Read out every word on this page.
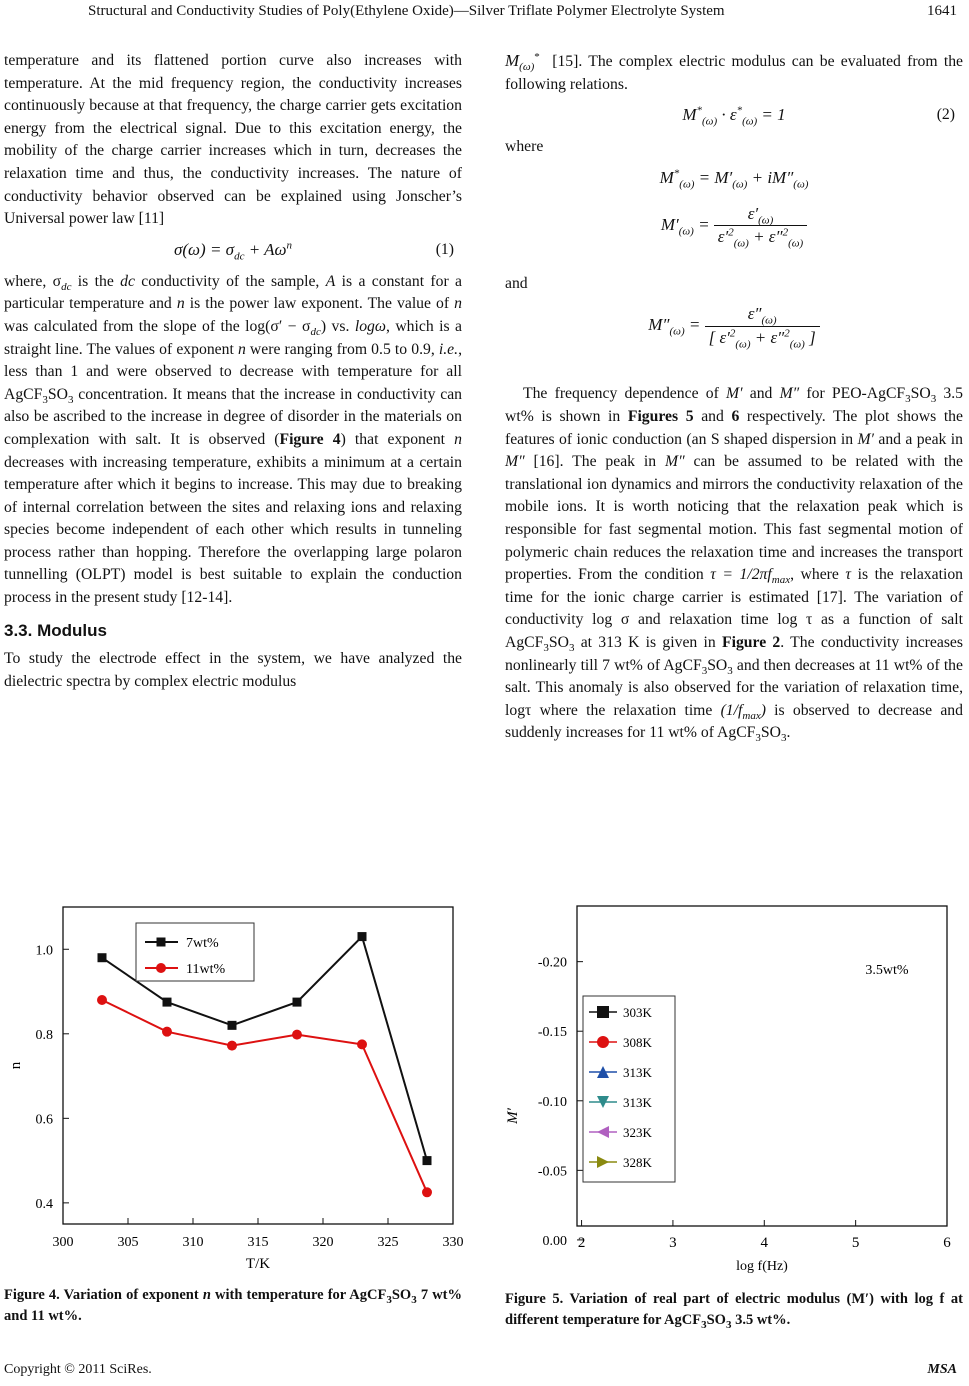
Structural and Conductivity Studies of Poly(Ethylene Oxide)—Silver Triflate Polymer Electrolyte System	1641

temperature and its flattened portion curve also increases with temperature. At the mid frequency region, the conductivity increases continuously because at that frequency, the charge carrier gets excitation energy from the electrical signal. Due to this excitation energy, the mobility of the charge carrier increases which in turn, decreases the relaxation time and thus, the conductivity increases. The nature of conductivity behavior observed can be explained using Jonscher’s Universal power law [11]

$\sigma(\omega) = \sigma_{dc} + A\omega^n$	(1)

where, $\sigma_{dc}$ is the dc conductivity of the sample, A is a constant for a particular temperature and n is the power law exponent. The value of n was calculated from the slope of the $\log(\sigma' - \sigma_{dc})$ vs. logω, which is a straight line. The values of exponent n were ranging from 0.5 to 0.9, i.e., less than 1 and were observed to decrease with temperature for all $AgCF_3SO_3$ concentration. It means that the increase in conductivity can also be ascribed to the increase in degree of disorder in the materials on complexation with salt. It is observed (Figure 4) that exponent n decreases with increasing temperature, exhibits a minimum at a certain temperature after which it begins to increase. This may due to breaking of internal correlation between the sites and relaxing ions and relaxing species become independent of each other which results in tunneling process rather than hopping. Therefore the overlapping large polaron tunnelling (OLPT) model is best suitable to explain the conduction process in the present study [12-14].

3.3. Modulus

To study the electrode effect in the system, we have analyzed the dielectric spectra by complex electric modulus

$M_{(\omega)}^*$ [15]. The complex electric modulus can be evaluated from the following relations.

$M^*_{(\omega)} \cdot \varepsilon^*_{(\omega)} = 1$	(2)

where

$M^*_{(\omega)} = M'_{(\omega)} + iM''_{(\omega)}$
$M'_{(\omega)} = \frac{\varepsilon'_{(\omega)}}{\varepsilon'^2_{(\omega)} + \varepsilon''^2_{(\omega)}}$

and

$M''_{(\omega)} = \frac{\varepsilon''_{(\omega)}}{[ \varepsilon'^2_{(\omega)} + \varepsilon''^2_{(\omega)} ]}$

The frequency dependence of M′ and M″ for PEO-$AgCF_3SO_3$ 3.5 wt% is shown in Figures 5 and 6 respectively. The plot shows the features of ionic conduction (an S shaped dispersion in M′ and a peak in M″ [16]. The peak in M″ can be assumed to be related with the translational ion dynamics and mirrors the conductivity relaxation of the mobile ions. It is worth noticing that the relaxation peak which is responsible for fast segmental motion. This fast segmental motion of polymeric chain reduces the relaxation time and increases the transport properties. From the condition $\tau = 1/2\pi f_{max}$, where τ is the relaxation time for the ionic charge carrier is estimated [17]. The variation of conductivity log σ and relaxation time log τ as a function of salt $AgCF_3SO_3$ at 313 K is given in Figure 2. The conductivity increases nonlinearly till 7 wt% of $AgCF_3SO_3$ and then decreases at 11 wt% of the salt. This anomaly is also observed for the variation of relaxation time, logτ where the relaxation time $(1/f_{max})$ is observed to decrease and suddenly increases for 11 wt% of $AgCF_3SO_3$.

300	305	310	315	320	325	330
0.4
0.6
0.8
1.0
T/K
n
7wt%
11wt%
2	3	4	5	6
0.00
-0.05
-0.10
-0.15
-0.20
log f(Hz)
M′
3.5wt%
303K
308K
313K
313K
323K
328K
Figure 4. Variation of exponent n with temperature for $AgCF_3SO_3$ 7 wt% and 11 wt%.
Figure 5. Variation of real part of electric modulus (M′) with log f at different temperature for $AgCF_3SO_3$ 3.5 wt%.
Copyright © 2011 SciRes.	MSA
